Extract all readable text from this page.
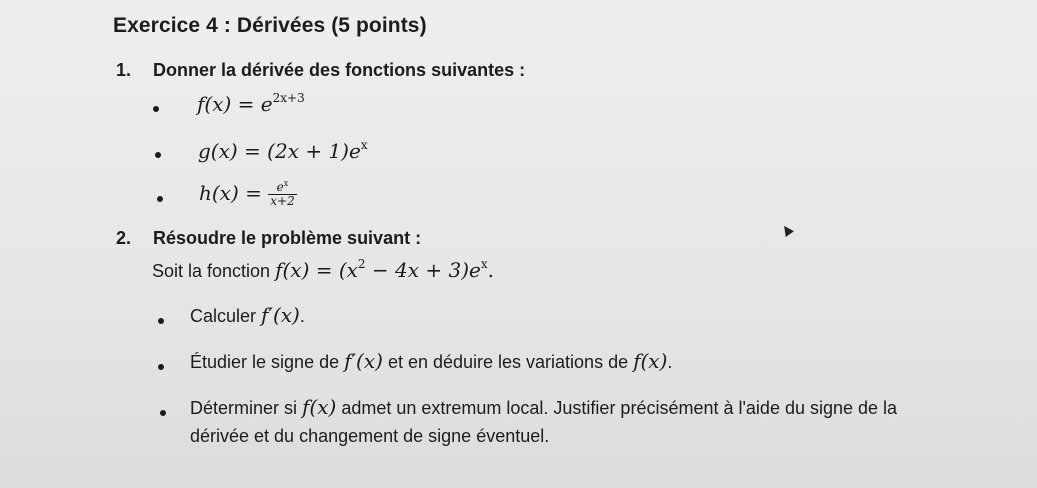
Exercice 4 : Dérivées (5 points)
1. Donner la dérivée des fonctions suivantes :
$f(x) = e^{2x+3}$
$g(x) = (2x + 1)e^x$
$h(x) = \frac{e^x}{x+2}$
2. Résoudre le problème suivant :
Soit la fonction $f(x) = (x^2 - 4x + 3)e^x$.
Calculer f′(x).
Étudier le signe de f′(x) et en déduire les variations de f(x).
Déterminer si f(x) admet un extremum local. Justifier précisément à l'aide du signe de la
dérivée et du changement de signe éventuel.
